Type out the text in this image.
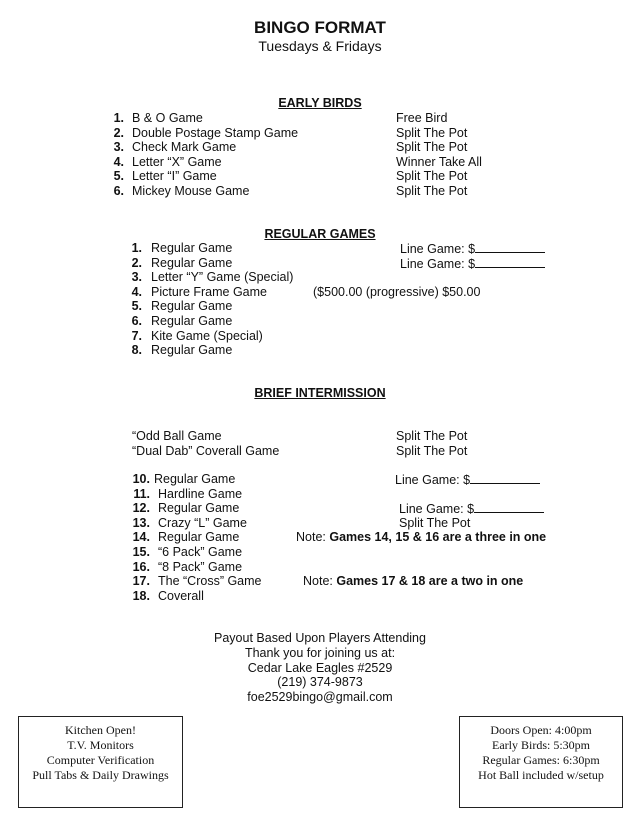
BINGO FORMAT
Tuesdays & Fridays
EARLY BIRDS
1. B & O Game	Free Bird
2. Double Postage Stamp Game	Split The Pot
3. Check Mark Game	Split The Pot
4. Letter “X” Game	Winner Take All
5. Letter “I” Game	Split The Pot
6. Mickey Mouse Game	Split The Pot
REGULAR GAMES
1. Regular Game	Line Game: $
2. Regular Game	Line Game: $
3. Letter “Y” Game (Special)
4. Picture Frame Game	($500.00 (progressive) $50.00
5. Regular Game
6. Regular Game
7. Kite Game (Special)
8. Regular Game
BRIEF INTERMISSION
“Odd Ball Game	Split The Pot
“Dual Dab” Coverall Game	Split The Pot
10. Regular Game	Line Game: $
11. Hardline Game
12. Regular Game	Line Game: $
13. Crazy “L” Game	Split The Pot
14. Regular Game	Note: Games 14, 15 & 16 are a three in one
15. “6 Pack” Game
16. “8 Pack” Game
17. The “Cross” Game	Note: Games 17 & 18 are a two in one
18. Coverall
Payout Based Upon Players Attending
Thank you for joining us at:
Cedar Lake Eagles #2529
(219) 374-9873
foe2529bingo@gmail.com
Kitchen Open!
T.V. Monitors
Computer Verification
Pull Tabs & Daily Drawings
Doors Open: 4:00pm
Early Birds: 5:30pm
Regular Games: 6:30pm
Hot Ball included w/setup
